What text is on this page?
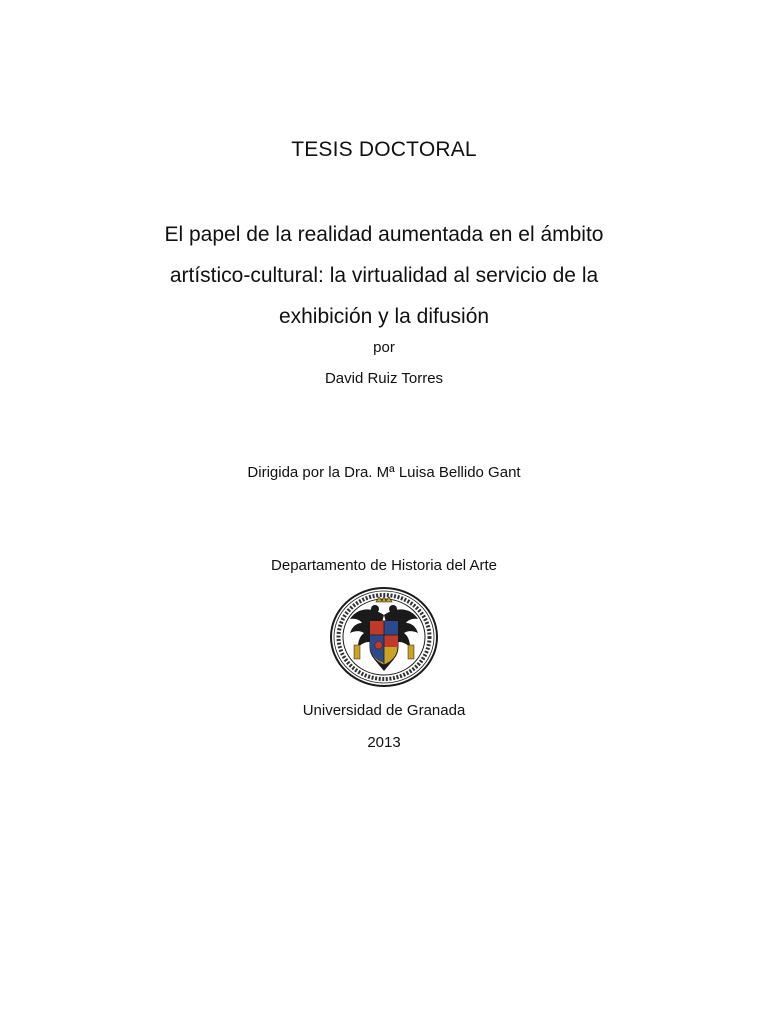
TESIS DOCTORAL
El papel de la realidad aumentada en el ámbito
artístico-cultural: la virtualidad al servicio de la
exhibición y la difusión
por
David Ruiz Torres
Dirigida por la Dra. Mª Luisa Bellido Gant
Departamento de Historia del Arte
Universidad de Granada
2013
